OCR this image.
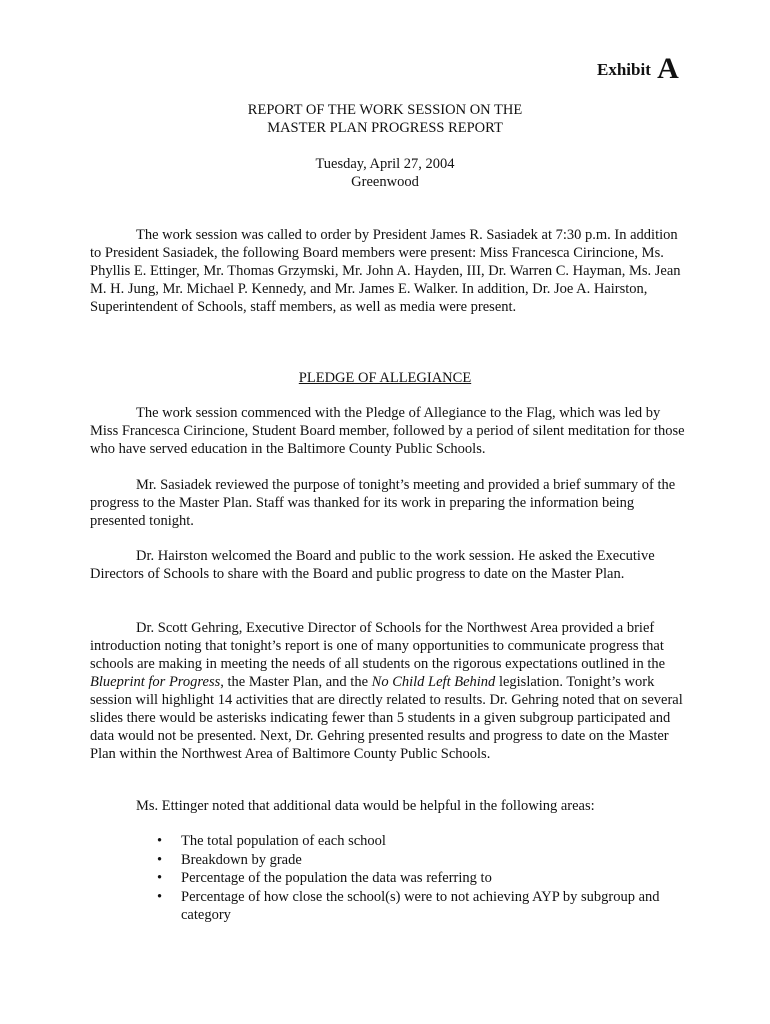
Exhibit A
REPORT OF THE WORK SESSION ON THE
MASTER PLAN PROGRESS REPORT
Tuesday, April 27, 2004
Greenwood

The work session was called to order by President James R. Sasiadek at 7:30 p.m. In addition to President Sasiadek, the following Board members were present: Miss Francesca Cirincione, Ms. Phyllis E. Ettinger, Mr. Thomas Grzymski, Mr. John A. Hayden, III, Dr. Warren C. Hayman, Ms. Jean M. H. Jung, Mr. Michael P. Kennedy, and Mr. James E. Walker. In addition, Dr. Joe A. Hairston, Superintendent of Schools, staff members, as well as media were present.

PLEDGE OF ALLEGIANCE

The work session commenced with the Pledge of Allegiance to the Flag, which was led by Miss Francesca Cirincione, Student Board member, followed by a period of silent meditation for those who have served education in the Baltimore County Public Schools.

Mr. Sasiadek reviewed the purpose of tonight’s meeting and provided a brief summary of the progress to the Master Plan. Staff was thanked for its work in preparing the information being presented tonight.

Dr. Hairston welcomed the Board and public to the work session. He asked the Executive Directors of Schools to share with the Board and public progress to date on the Master Plan.

Dr. Scott Gehring, Executive Director of Schools for the Northwest Area provided a brief introduction noting that tonight’s report is one of many opportunities to communicate progress that schools are making in meeting the needs of all students on the rigorous expectations outlined in the Blueprint for Progress, the Master Plan, and the No Child Left Behind legislation. Tonight’s work session will highlight 14 activities that are directly related to results. Dr. Gehring noted that on several slides there would be asterisks indicating fewer than 5 students in a given subgroup participated and data would not be presented. Next, Dr. Gehring presented results and progress to date on the Master Plan within the Northwest Area of Baltimore County Public Schools.

Ms. Ettinger noted that additional data would be helpful in the following areas:

• The total population of each school
• Breakdown by grade
• Percentage of the population the data was referring to
• Percentage of how close the school(s) were to not achieving AYP by subgroup and category
